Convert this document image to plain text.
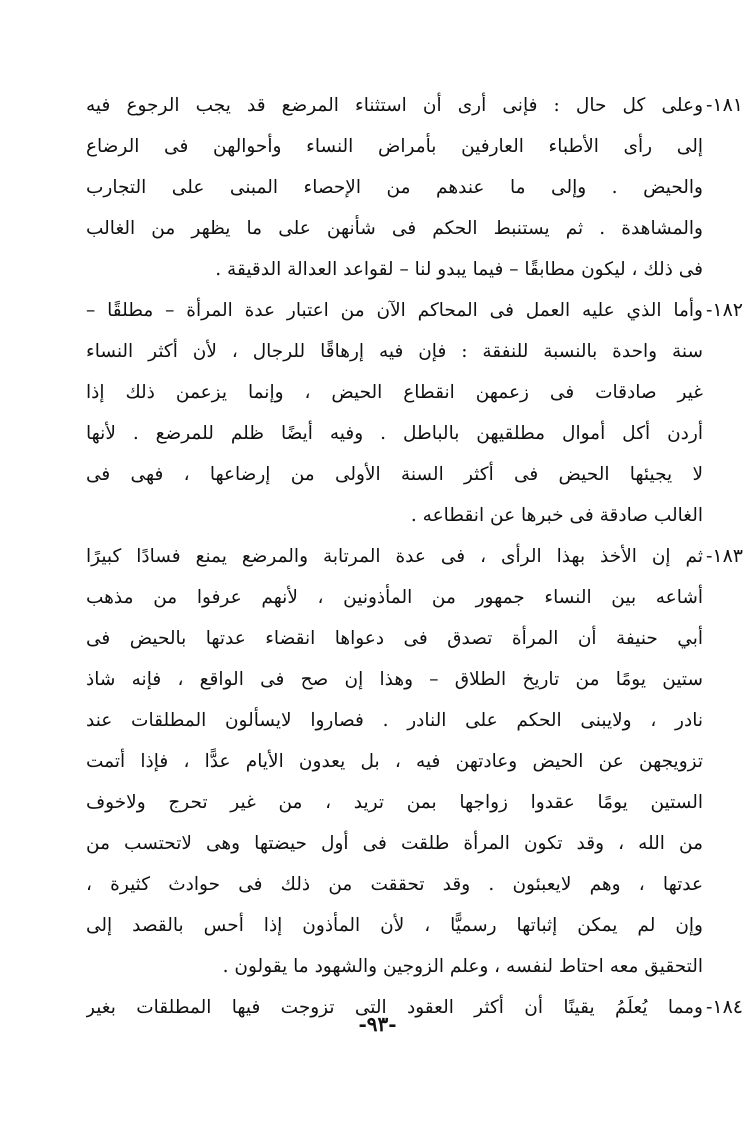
١٨١-
وعلى كل حال : فإنى أرى أن استثناء المرضع قد يجب الرجوع فيه
إلى رأى الأطباء العارفين بأمراض النساء وأحوالهن فى الرضاع
والحيض . وإلى ما عندهم من الإحصاء المبنى على التجارب
والمشاهدة . ثم يستنبط الحكم فى شأنهن على ما يظهر من الغالب
فى ذلك ، ليكون مطابقًا – فيما يبدو لنا – لقواعد العدالة الدقيقة .
١٨٢-
وأما الذي عليه العمل فى المحاكم الآن من اعتبار عدة المرأة – مطلقًا –
سنة واحدة بالنسبة للنفقة : فإن فيه إرهاقًا للرجال ، لأن أكثر النساء
غير صادقات فى زعمهن انقطاع الحيض ، وإنما يزعمن ذلك إذا
أردن أكل أموال مطلقيهن بالباطل . وفيه أيضًا ظلم للمرضع . لأنها
لا يجيئها الحيض فى أكثر السنة الأولى من إرضاعها ، فهى فى
الغالب صادقة فى خبرها عن انقطاعه .
١٨٣-
ثم إن الأخذ بهذا الرأى ، فى عدة المرتابة والمرضع يمنع فسادًا كبيرًا
أشاعه بين النساء جمهور من المأذونين ، لأنهم عرفوا من مذهب
أبي حنيفة أن المرأة تصدق فى دعواها انقضاء عدتها بالحيض فى
ستين يومًا من تاريخ الطلاق – وهذا إن صح فى الواقع ، فإنه شاذ
نادر ، ولايبنى الحكم على النادر . فصاروا لايسألون المطلقات عند
تزويجهن عن الحيض وعادتهن فيه ، بل يعدون الأيام عدًّا ، فإذا أتمت
الستين يومًا عقدوا زواجها بمن تريد ، من غير تحرج ولاخوف
من الله ، وقد تكون المرأة طلقت فى أول حيضتها وهى لاتحتسب من
عدتها ، وهم لايعبئون . وقد تحققت من ذلك فى حوادث كثيرة ،
وإن لم يمكن إثباتها رسميًّا ، لأن المأذون إذا أحس بالقصد إلى
التحقيق معه احتاط لنفسه ، وعلم الزوجين والشهود ما يقولون .
١٨٤-
ومما يُعلَمُ يقينًا أن أكثر العقود التى تزوجت فيها المطلقات بغير
-٩٣-
